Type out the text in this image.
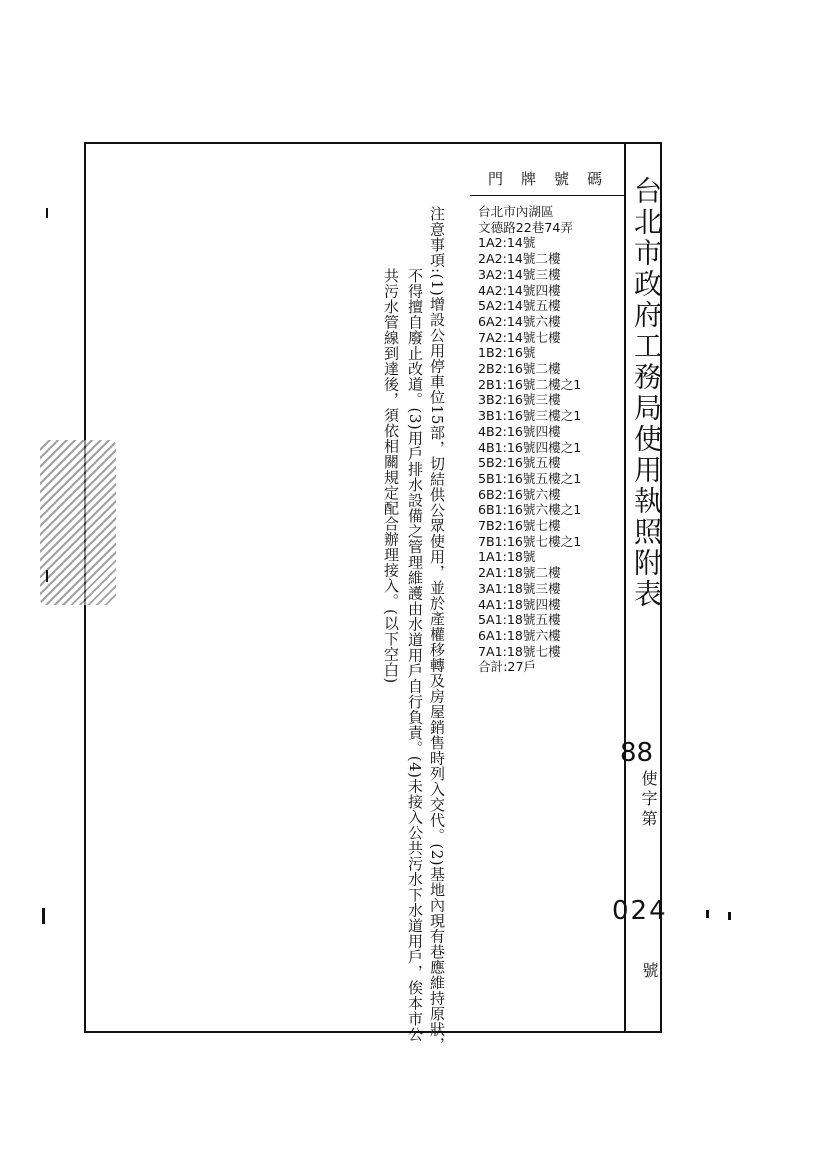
門牌號碼 台北市政府工務局使用執照附表
88
使字第
024
號
台北市內湖區
文德路22巷74弄
1A2:14號
2A2:14號二樓
3A2:14號三樓
4A2:14號四樓
5A2:14號五樓
6A2:14號六樓
7A2:14號七樓
1B2:16號
2B2:16號二樓
2B1:16號二樓之1
3B2:16號三樓
3B1:16號三樓之1
4B2:16號四樓
4B1:16號四樓之1
5B2:16號五樓
5B1:16號五樓之1
6B2:16號六樓
6B1:16號六樓之1
7B2:16號七樓
7B1:16號七樓之1
1A1:18號
2A1:18號二樓
3A1:18號三樓
4A1:18號四樓
5A1:18號五樓
6A1:18號六樓
7A1:18號七樓
合計:27戶
注意事項:(1)增設公用停車位15部，切結供公眾使用，並於產權移轉及房屋銷售時列入交代。(2)基地內現有巷應維持原狀，
不得擅自廢止改道。(3)用戶排水設備之管理維護由水道用戶自行負責。(4)未接入公共污水下水道用戶，俟本市公
共污水管線到達後，須依相關規定配合辦理接入。(以下空白)
